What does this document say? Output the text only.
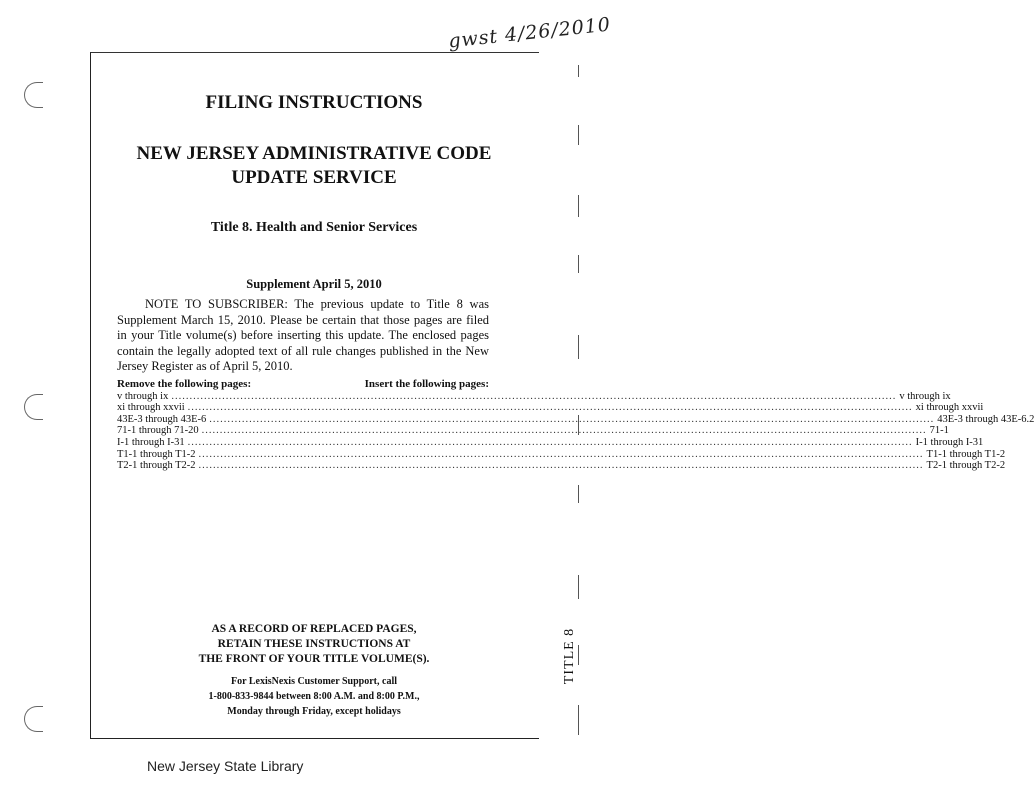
gwst 4/26/2010
FILING INSTRUCTIONS
NEW JERSEY ADMINISTRATIVE CODE
UPDATE SERVICE
Title 8. Health and Senior Services
Supplement April 5, 2010
NOTE TO SUBSCRIBER: The previous update to Title 8 was Supplement March 15, 2010. Please be certain that those pages are filed in your Title volume(s) before inserting this update. The enclosed pages contain the legally adopted text of all rule changes published in the New Jersey Register as of April 5, 2010.
Remove the following pages:	Insert the following pages:
v through ix ........................................................................................................................................................................................................ v through ix
xi through xxvii ........................................................................................................................................................................................................ xi through xxvii
43E-3 through 43E-6 ........................................................................................................................................................................................................ 43E-3 through 43E-6.2
71-1 through 71-20 ........................................................................................................................................................................................................ 71-1
I-1 through I-31 ........................................................................................................................................................................................................ I-1 through I-31
T1-1 through T1-2 ........................................................................................................................................................................................................ T1-1 through T1-2
T2-1 through T2-2 ........................................................................................................................................................................................................ T2-1 through T2-2
AS A RECORD OF REPLACED PAGES,
RETAIN THESE INSTRUCTIONS AT
THE FRONT OF YOUR TITLE VOLUME(S).
For LexisNexis Customer Support, call
1-800-833-9844 between 8:00 A.M. and 8:00 P.M.,
Monday through Friday, except holidays
TITLE 8
New Jersey State Library
